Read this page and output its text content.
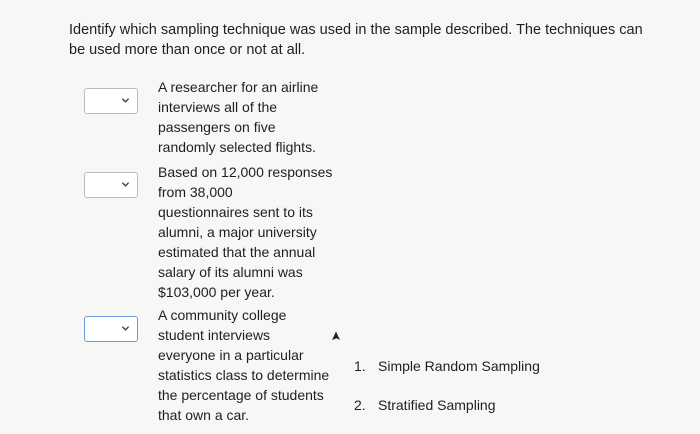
Identify which sampling technique was used in the sample described. The techniques can be used more than once or not at all.

A researcher for an airline
interviews all of the
passengers on five
randomly selected flights.
Based on 12,000 responses
from 38,000
questionnaires sent to its
alumni, a major university
estimated that the annual
salary of its alumni was
$103,000 per year.
A community college
student interviews
everyone in a particular
statistics class to determine
the percentage of students
that own a car.
1. Simple Random Sampling
2. Stratified Sampling
